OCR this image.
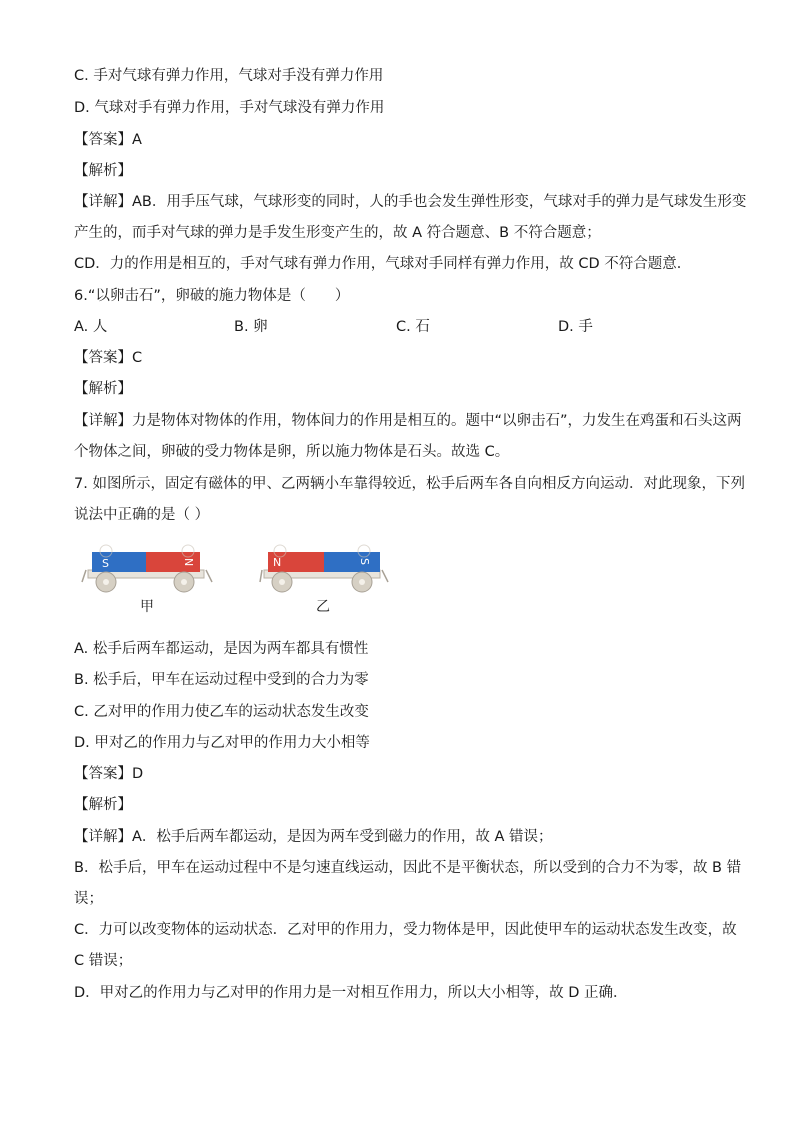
C. 手对气球有弹力作用，气球对手没有弹力作用
D. 气球对手有弹力作用，手对气球没有弹力作用
【答案】A
【解析】
【详解】AB．用手压气球，气球形变的同时，人的手也会发生弹性形变，气球对手的弹力是气球发生形变
产生的，而手对气球的弹力是手发生形变产生的，故 A 符合题意、B 不符合题意；
CD．力的作用是相互的，手对气球有弹力作用，气球对手同样有弹力作用，故 CD 不符合题意．
6.“以卵击石”，卵破的施力物体是（　　）
A. 人	B. 卵	C. 石	D. 手
【答案】C
【解析】
【详解】力是物体对物体的作用，物体间力的作用是相互的。题中“以卵击石”，力发生在鸡蛋和石头这两
个物体之间，卵破的受力物体是卵，所以施力物体是石头。故选 C。
7. 如图所示，固定有磁体的甲、乙两辆小车靠得较近，松手后两车各自向相反方向运动．对此现象，下列
说法中正确的是（ ）
S	N	N	S
甲	乙
A. 松手后两车都运动，是因为两车都具有惯性
B. 松手后，甲车在运动过程中受到的合力为零
C. 乙对甲的作用力使乙车的运动状态发生改变
D. 甲对乙的作用力与乙对甲的作用力大小相等
【答案】D
【解析】
【详解】A．松手后两车都运动，是因为两车受到磁力的作用，故 A 错误；
B．松手后，甲车在运动过程中不是匀速直线运动，因此不是平衡状态，所以受到的合力不为零，故 B 错
误；
C．力可以改变物体的运动状态．乙对甲的作用力，受力物体是甲，因此使甲车的运动状态发生改变，故
C 错误；
D．甲对乙的作用力与乙对甲的作用力是一对相互作用力，所以大小相等，故 D 正确．
